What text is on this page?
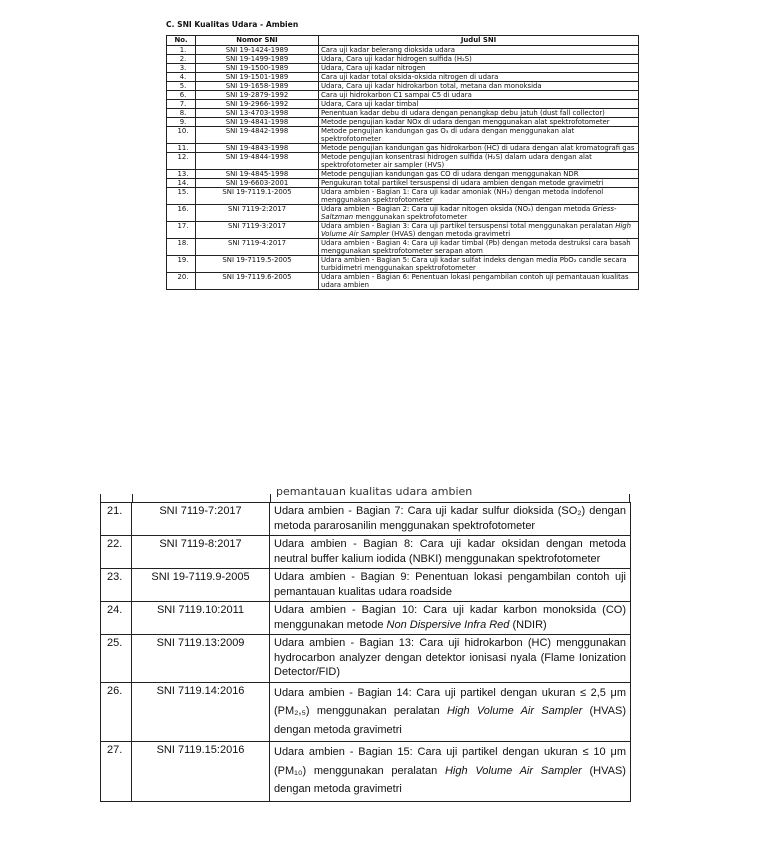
C. SNI Kualitas Udara - Ambien
No.	Nomor SNI	Judul SNI
1.	SNI 19-1424-1989	Cara uji kadar belerang dioksida udara
2.	SNI 19-1499-1989	Udara, Cara uji kadar hidrogen sulfida (H₂S)
3.	SNI 19-1500-1989	Udara, Cara uji kadar nitrogen
4.	SNI 19-1501-1989	Cara uji kadar total oksida-oksida nitrogen di udara
5.	SNI 19-1658-1989	Udara, Cara uji kadar hidrokarbon total, metana dan monoksida
6.	SNI 19-2879-1992	Cara uji hidrokarbon C1 sampai C5 di udara
7.	SNI 19-2966-1992	Udara, Cara uji kadar timbal
8.	SNI 13-4703-1998	Penentuan kadar debu di udara dengan penangkap debu jatuh (dust fall collector)
9.	SNI 19-4841-1998	Metode pengujian kadar NOx di udara dengan menggunakan alat spektrofotometer
10.	SNI 19-4842-1998	Metode pengujian kandungan gas O₃ di udara dengan menggunakan alat spektrofotometer
11.	SNI 19-4843-1998	Metode pengujian kandungan gas hidrokarbon (HC) di udara dengan alat kromatografi gas
12.	SNI 19-4844-1998	Metode pengujian konsentrasi hidrogen sulfida (H₂S) dalam udara dengan alat spektrofotometer air sampler (HVS)
13.	SNI 19-4845-1998	Metode pengujian kandungan gas CO di udara dengan menggunakan NDR
14.	SNI 19-6603-2001	Pengukuran total partikel tersuspensi di udara ambien dengan metode gravimetri
15.	SNI 19-7119.1-2005	Udara ambien - Bagian 1: Cara uji kadar amoniak (NH₃) dengan metoda indofenol menggunakan spektrofotometer
16.	SNI 7119-2:2017	Udara ambien - Bagian 2: Cara uji kadar nitogen oksida (NO₂) dengan metoda Griess-Saltzman menggunakan spektrofotometer
17.	SNI 7119-3:2017	Udara ambien - Bagian 3: Cara uji partikel tersuspensi total menggunakan peralatan High Volume Air Sampler (HVAS) dengan metoda gravimetri
18.	SNI 7119-4:2017	Udara ambien - Bagian 4: Cara uji kadar timbal (Pb) dengan metoda destruksi cara basah menggunakan spektrofotometer serapan atom
19.	SNI 19-7119.5-2005	Udara ambien - Bagian 5: Cara uji kadar sulfat indeks dengan media PbO₂ candle secara turbidimetri menggunakan spektrofotometer
20.	SNI 19-7119.6-2005	Udara ambien - Bagian 6: Penentuan lokasi pengambilan contoh uji pemantauan kualitas udara ambien
pemantauan kualitas udara ambien
21.	SNI 7119-7:2017	Udara ambien - Bagian 7: Cara uji kadar sulfur dioksida (SO₂) dengan metoda pararosanilin menggunakan spektrofotometer
22.	SNI 7119-8:2017	Udara ambien - Bagian 8: Cara uji kadar oksidan dengan metoda neutral buffer kalium iodida (NBKI) menggunakan spektrofotometer
23.	SNI 19-7119.9-2005	Udara ambien - Bagian 9: Penentuan lokasi pengambilan contoh uji pemantauan kualitas udara roadside
24.	SNI 7119.10:2011	Udara ambien - Bagian 10: Cara uji kadar karbon monoksida (CO) menggunakan metode Non Dispersive Infra Red (NDIR)
25.	SNI 7119.13:2009	Udara ambien - Bagian 13: Cara uji hidrokarbon (HC) menggunakan hydrocarbon analyzer dengan detektor ionisasi nyala (Flame Ionization Detector/FID)
26.	SNI 7119.14:2016	Udara ambien - Bagian 14: Cara uji partikel dengan ukuran ≤ 2,5 μm (PM₂,₅) menggunakan peralatan High Volume Air Sampler (HVAS) dengan metoda gravimetri
27.	SNI 7119.15:2016	Udara ambien - Bagian 15: Cara uji partikel dengan ukuran ≤ 10 μm (PM₁₀) menggunakan peralatan High Volume Air Sampler (HVAS) dengan metoda gravimetri
